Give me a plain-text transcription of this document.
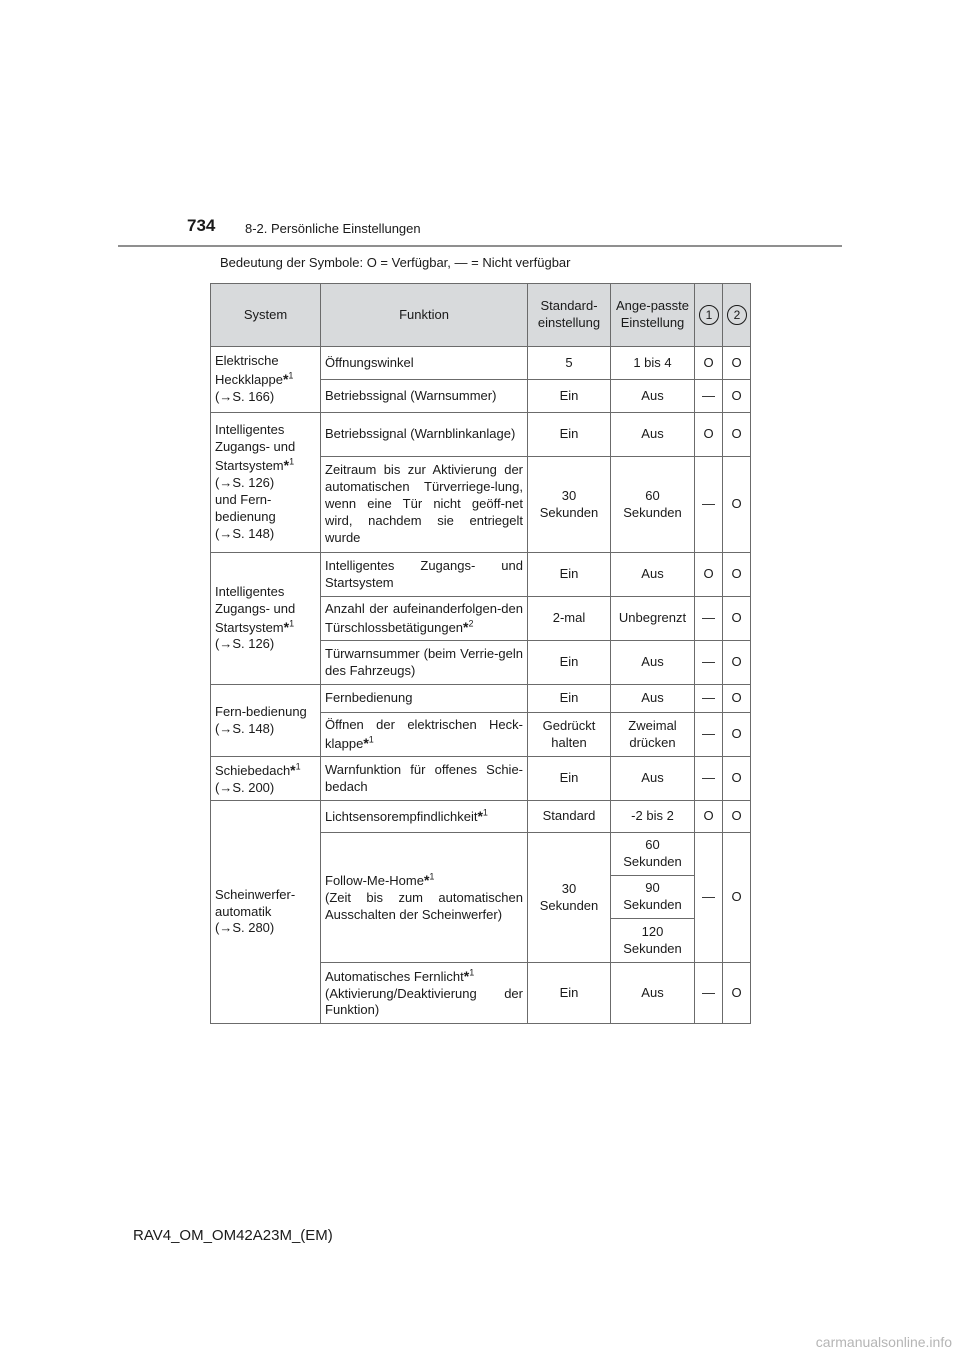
734 8-2. Persönliche Einstellungen
Bedeutung der Symbole: O = Verfügbar, — = Nicht verfügbar
System	Funktion	Standard-einstellung	Ange-passte Einstellung	1	2
Elektrische Heckklappe*$^1$
(→S. 166)	Öffnungswinkel	5	1 bis 4	O	O
	Betriebssignal (Warnsummer)	Ein	Aus	—	O
Intelligentes Zugangs- und Startsystem*$^1$
(→S. 126)
und Fern-bedienung
(→S. 148)	Betriebssignal (Warnblinkanlage)	Ein	Aus	O	O
	Zeitraum bis zur Aktivierung der automatischen Türverriege-lung, wenn eine Tür nicht geöff-net wird, nachdem sie entriegelt wurde	30 Sekunden	60 Sekunden	—	O
Intelligentes Zugangs- und Startsystem*$^1$
(→S. 126)	Intelligentes Zugangs- und Startsystem	Ein	Aus	O	O
	Anzahl der aufeinanderfolgen-den Türschlossbetätigungen*$^2$	2-mal	Unbegrenzt	—	O
	Türwarnsummer (beim Verrie-geln des Fahrzeugs)	Ein	Aus	—	O
Fern-bedienung
(→S. 148)	Fernbedienung	Ein	Aus	—	O
	Öffnen der elektrischen Heck-klappe*$^1$	Gedrückt halten	Zweimal drücken	—	O
Schiebedach*$^1$
(→S. 200)	Warnfunktion für offenes Schie-bedach	Ein	Aus	—	O
Scheinwerfer-automatik
(→S. 280)	Lichtsensorempfindlichkeit*$^1$	Standard	-2 bis 2	O	O
	Follow-Me-Home*$^1$
(Zeit bis zum automatischen Ausschalten der Scheinwerfer)	30 Sekunden	60 Sekunden	—	O
			90 Sekunden		
			120 Sekunden		
	Automatisches Fernlicht*$^1$
(Aktivierung/Deaktivierung der Funktion)	Ein	Aus	—	O
RAV4_OM_OM42A23M_(EM)
carmanualsonline.info
